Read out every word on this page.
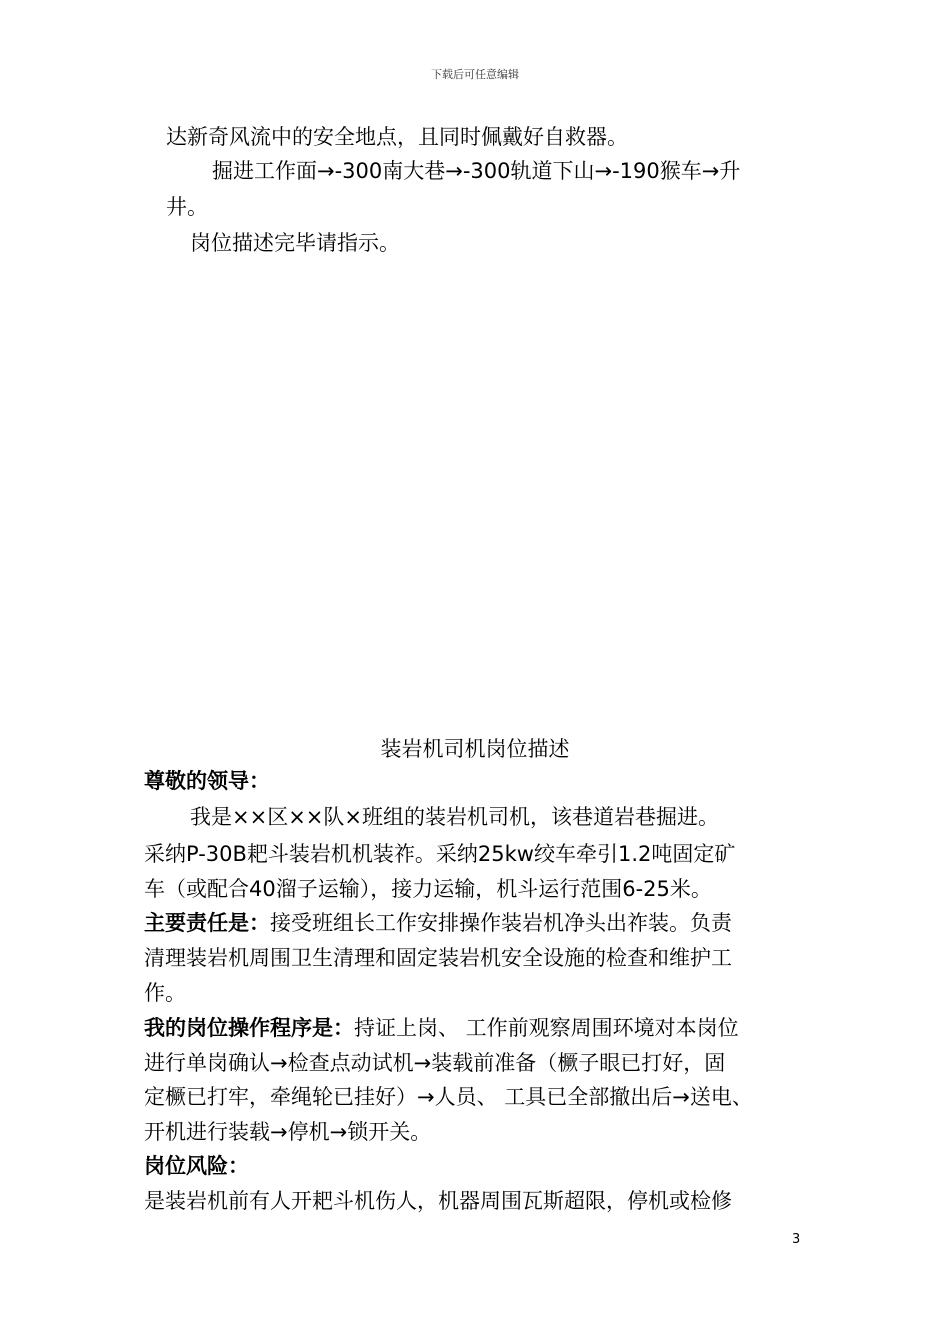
下载后可任意编辑
达新奇风流中的安全地点，且同时佩戴好自救器。
掘进工作面→-300南大巷→-300轨道下山→-190猴车→升
井。
岗位描述完毕请指示。
装岩机司机岗位描述
尊敬的领导：
我是××区××队×班组的装岩机司机，该巷道岩巷掘进。
采纳P-30B耙斗装岩机机装祚。采纳25kw绞车牵引1.2吨固定矿
车（或配合40溜子运输），接力运输，机斗运行范围6-25米。
主要责任是：接受班组长工作安排操作装岩机净头出祚装。负责
清理装岩机周围卫生清理和固定装岩机安全设施的检查和维护工
作。
我的岗位操作程序是：持证上岗、 工作前观察周围环境对本岗位
进行单岗确认→检查点动试机→装载前准备（橛子眼已打好，固
定橛已打牢，牵绳轮已挂好）→人员、 工具已全部撤出后→送电、
开机进行装载→停机→锁开关。
岗位风险：
是装岩机前有人开耙斗机伤人，机器周围瓦斯超限，停机或检修
3
